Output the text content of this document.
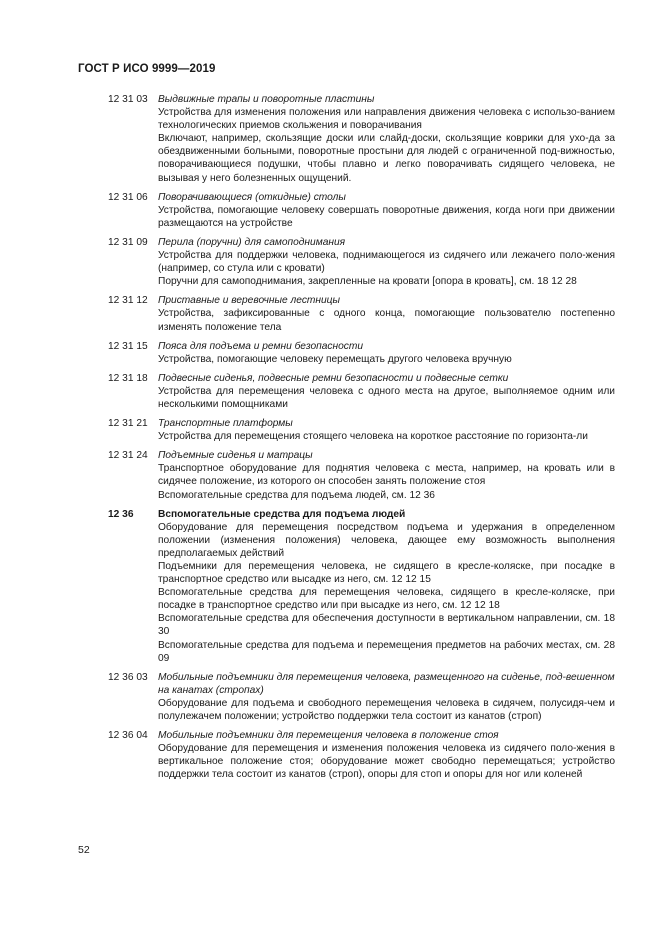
ГОСТ Р ИСО 9999—2019
12 31 03 Выдвижные трапы и поворотные пластины
Устройства для изменения положения или направления движения человека с использо-ванием технологических приемов скольжения и поворачивания
Включают, например, скользящие доски или слайд-доски, скользящие коврики для ухо-да за обездвиженными больными, поворотные простыни для людей с ограниченной под-вижностью, поворачивающиеся подушки, чтобы плавно и легко поворачивать сидящего человека, не вызывая у него болезненных ощущений.
12 31 06 Поворачивающиеся (откидные) столы
Устройства, помогающие человеку совершать поворотные движения, когда ноги при движении размещаются на устройстве
12 31 09 Перила (поручни) для самоподнимания
Устройства для поддержки человека, поднимающегося из сидячего или лежачего поло-жения (например, со стула или с кровати)
Поручни для самоподнимания, закрепленные на кровати [опора в кровать], см. 18 12 28
12 31 12 Приставные и веревочные лестницы
Устройства, зафиксированные с одного конца, помогающие пользователю постепенно изменять положение тела
12 31 15 Пояса для подъема и ремни безопасности
Устройства, помогающие человеку перемещать другого человека вручную
12 31 18 Подвесные сиденья, подвесные ремни безопасности и подвесные сетки
Устройства для перемещения человека с одного места на другое, выполняемое одним или несколькими помощниками
12 31 21 Транспортные платформы
Устройства для перемещения стоящего человека на короткое расстояние по горизонта-ли
12 31 24 Подъемные сиденья и матрацы
Транспортное оборудование для поднятия человека с места, например, на кровать или в сидячее положение, из которого он способен занять положение стоя
Вспомогательные средства для подъема людей, см. 12 36
12 36 Вспомогательные средства для подъема людей
Оборудование для перемещения посредством подъема и удержания в определенном положении (изменения положения) человека, дающее ему возможность выполнения предполагаемых действий
Подъемники для перемещения человека, не сидящего в кресле-коляске, при посадке в транспортное средство или высадке из него, см. 12 12 15
Вспомогательные средства для перемещения человека, сидящего в кресле-коляске, при посадке в транспортное средство или при высадке из него, см. 12 12 18
Вспомогательные средства для обеспечения доступности в вертикальном направлении, см. 18 30
Вспомогательные средства для подъема и перемещения предметов на рабочих местах, см. 28 09
12 36 03 Мобильные подъемники для перемещения человека, размещенного на сиденье, под-вешенном на канатах (стропах)
Оборудование для подъема и свободного перемещения человека в сидячем, полусидя-чем и полулежачем положении; устройство поддержки тела состоит из канатов (строп)
12 36 04 Мобильные подъемники для перемещения человека в положение стоя
Оборудование для перемещения и изменения положения человека из сидячего поло-жения в вертикальное положение стоя; оборудование может свободно перемещаться; устройство поддержки тела состоит из канатов (строп), опоры для стоп и опоры для ног или коленей
52
